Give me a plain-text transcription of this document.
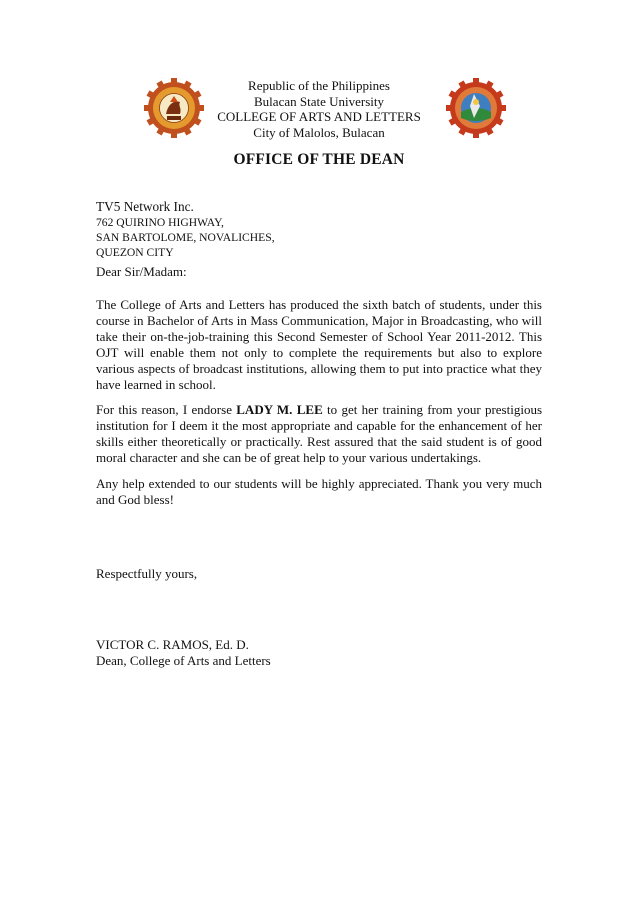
Republic of the Philippines
Bulacan State University
COLLEGE OF ARTS AND LETTERS
City of Malolos, Bulacan
OFFICE OF THE DEAN
TV5 Network Inc.
762 QUIRINO HIGHWAY,
SAN BARTOLOME, NOVALICHES,
QUEZON CITY
Dear Sir/Madam:
The College of Arts and Letters has produced the sixth batch of students, under this course in Bachelor of Arts in Mass Communication, Major in Broadcasting, who will take their on-the-job-training this Second Semester of School Year 2011-2012. This OJT will enable them not only to complete the requirements but also to explore various aspects of broadcast institutions, allowing them to put into practice what they have learned in school.
For this reason, I endorse LADY M. LEE to get her training from your prestigious institution for I deem it the most appropriate and capable for the enhancement of her skills either theoretically or practically. Rest assured that the said student is of good moral character and she can be of great help to your various undertakings.
Any help extended to our students will be highly appreciated. Thank you very much and God bless!
Respectfully yours,
VICTOR C. RAMOS, Ed. D.
Dean, College of Arts and Letters
